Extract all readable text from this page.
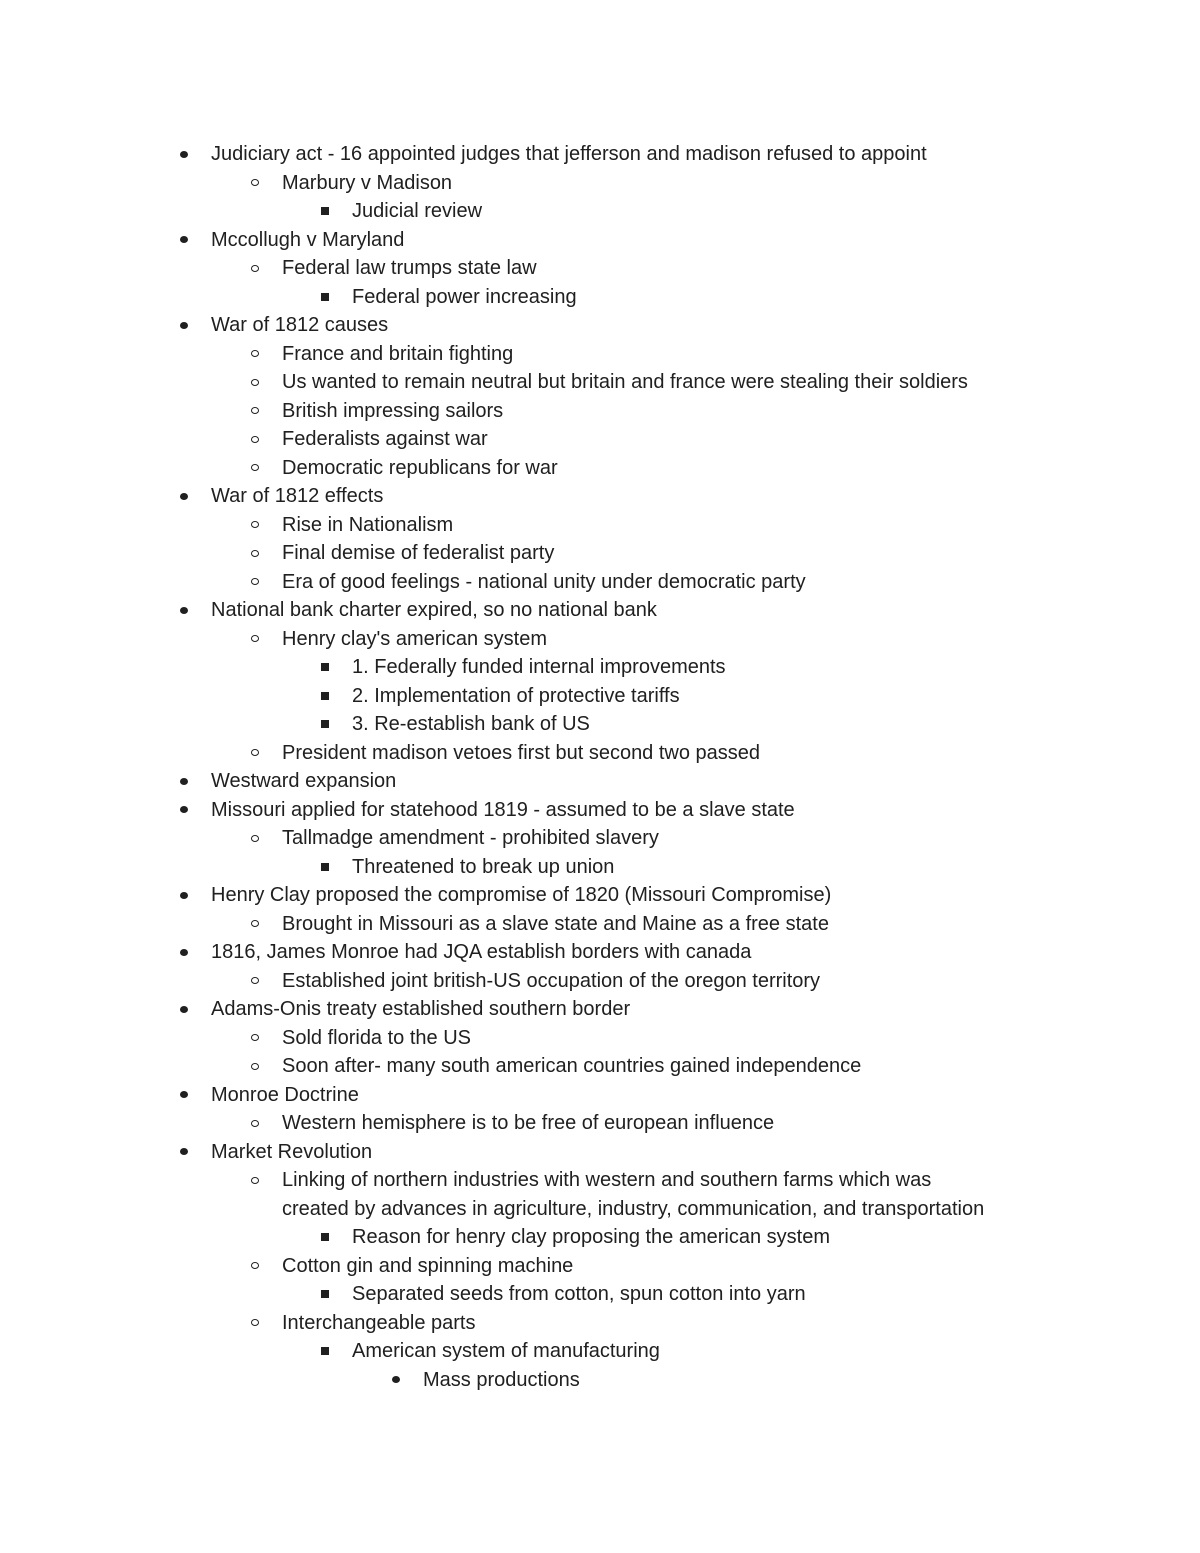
Judiciary act - 16 appointed judges that jefferson and madison refused to appoint
Marbury v Madison
Judicial review
Mccollugh v Maryland
Federal law trumps state law
Federal power increasing
War of 1812 causes
France and britain fighting
Us wanted to remain neutral but britain and france were stealing their soldiers
British impressing sailors
Federalists against war
Democratic republicans for war
War of 1812 effects
Rise in Nationalism
Final demise of federalist party
Era of good feelings - national unity under democratic party
National bank charter expired, so no national bank
Henry clay's american system
1. Federally funded internal improvements
2. Implementation of protective tariffs
3. Re-establish bank of US
President madison vetoes first but second two passed
Westward expansion
Missouri applied for statehood 1819 - assumed to be a slave state
Tallmadge amendment - prohibited slavery
Threatened to break up union
Henry Clay proposed the compromise of 1820 (Missouri Compromise)
Brought in Missouri as a slave state and Maine as a free state
1816, James Monroe had JQA establish borders with canada
Established joint british-US occupation of the oregon territory
Adams-Onis treaty established southern border
Sold florida to the US
Soon after- many south american countries gained independence
Monroe Doctrine
Western hemisphere is to be free of european influence
Market Revolution
Linking of northern industries with western and southern farms which was
created by advances in agriculture, industry, communication, and transportation
Reason for henry clay proposing the american system
Cotton gin and spinning machine
Separated seeds from cotton, spun cotton into yarn
Interchangeable parts
American system of manufacturing
Mass productions
